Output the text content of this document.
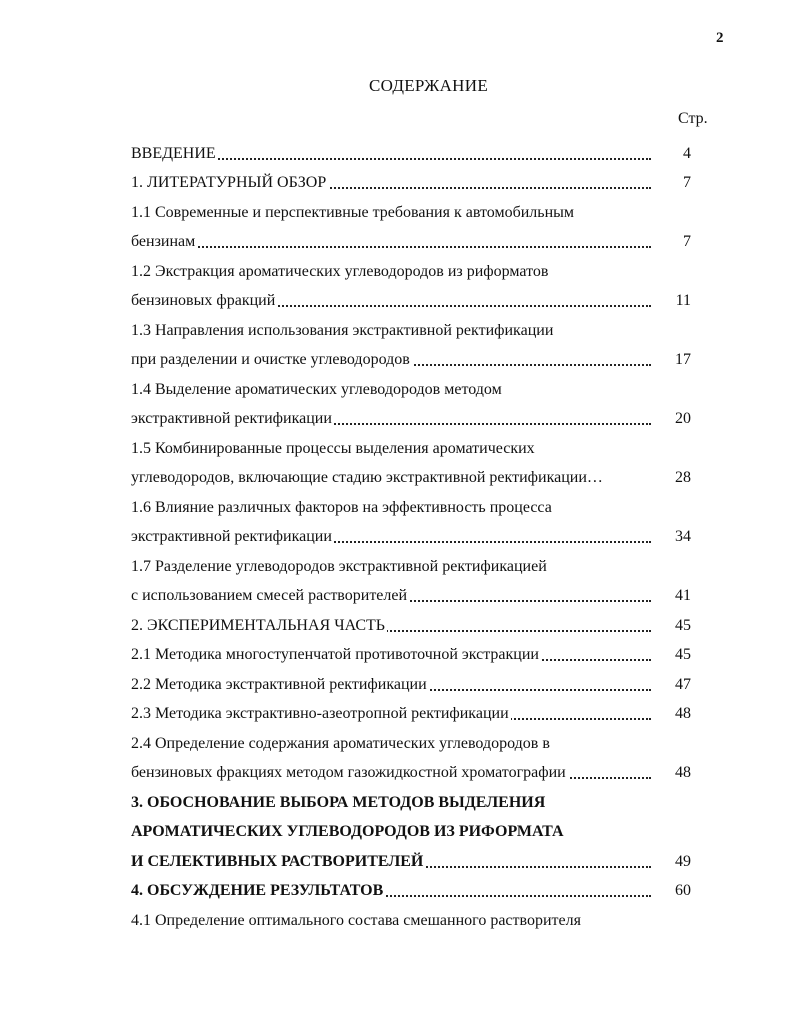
2
СОДЕРЖАНИЕ
Стр.
ВВЕДЕНИЕ	4
1. ЛИТЕРАТУРНЫЙ ОБЗОР	7
1.1 Современные и перспективные требования к автомобильным
бензинам	7
1.2 Экстракция ароматических углеводородов из риформатов
бензиновых фракций	11
1.3 Направления использования экстрактивной ректификации
при разделении и очистке углеводородов	17
1.4 Выделение ароматических углеводородов методом
экстрактивной ректификации	20
1.5 Комбинированные процессы выделения ароматических
углеводородов, включающие стадию экстрактивной ректификации…	28
1.6 Влияние различных факторов на эффективность процесса
экстрактивной ректификации	34
1.7 Разделение углеводородов экстрактивной ректификацией
с использованием смесей растворителей	41
2. ЭКСПЕРИМЕНТАЛЬНАЯ ЧАСТЬ	45
2.1 Методика многоступенчатой противоточной экстракции	45
2.2 Методика экстрактивной ректификации	47
2.3 Методика экстрактивно-азеотропной ректификации	48
2.4 Определение содержания ароматических углеводородов в
бензиновых фракциях методом газожидкостной хроматографии	48
3. ОБОСНОВАНИЕ ВЫБОРА МЕТОДОВ ВЫДЕЛЕНИЯ
АРОМАТИЧЕСКИХ УГЛЕВОДОРОДОВ ИЗ РИФОРМАТА
И СЕЛЕКТИВНЫХ РАСТВОРИТЕЛЕЙ	49
4. ОБСУЖДЕНИЕ РЕЗУЛЬТАТОВ	60
4.1 Определение оптимального состава смешанного растворителя
